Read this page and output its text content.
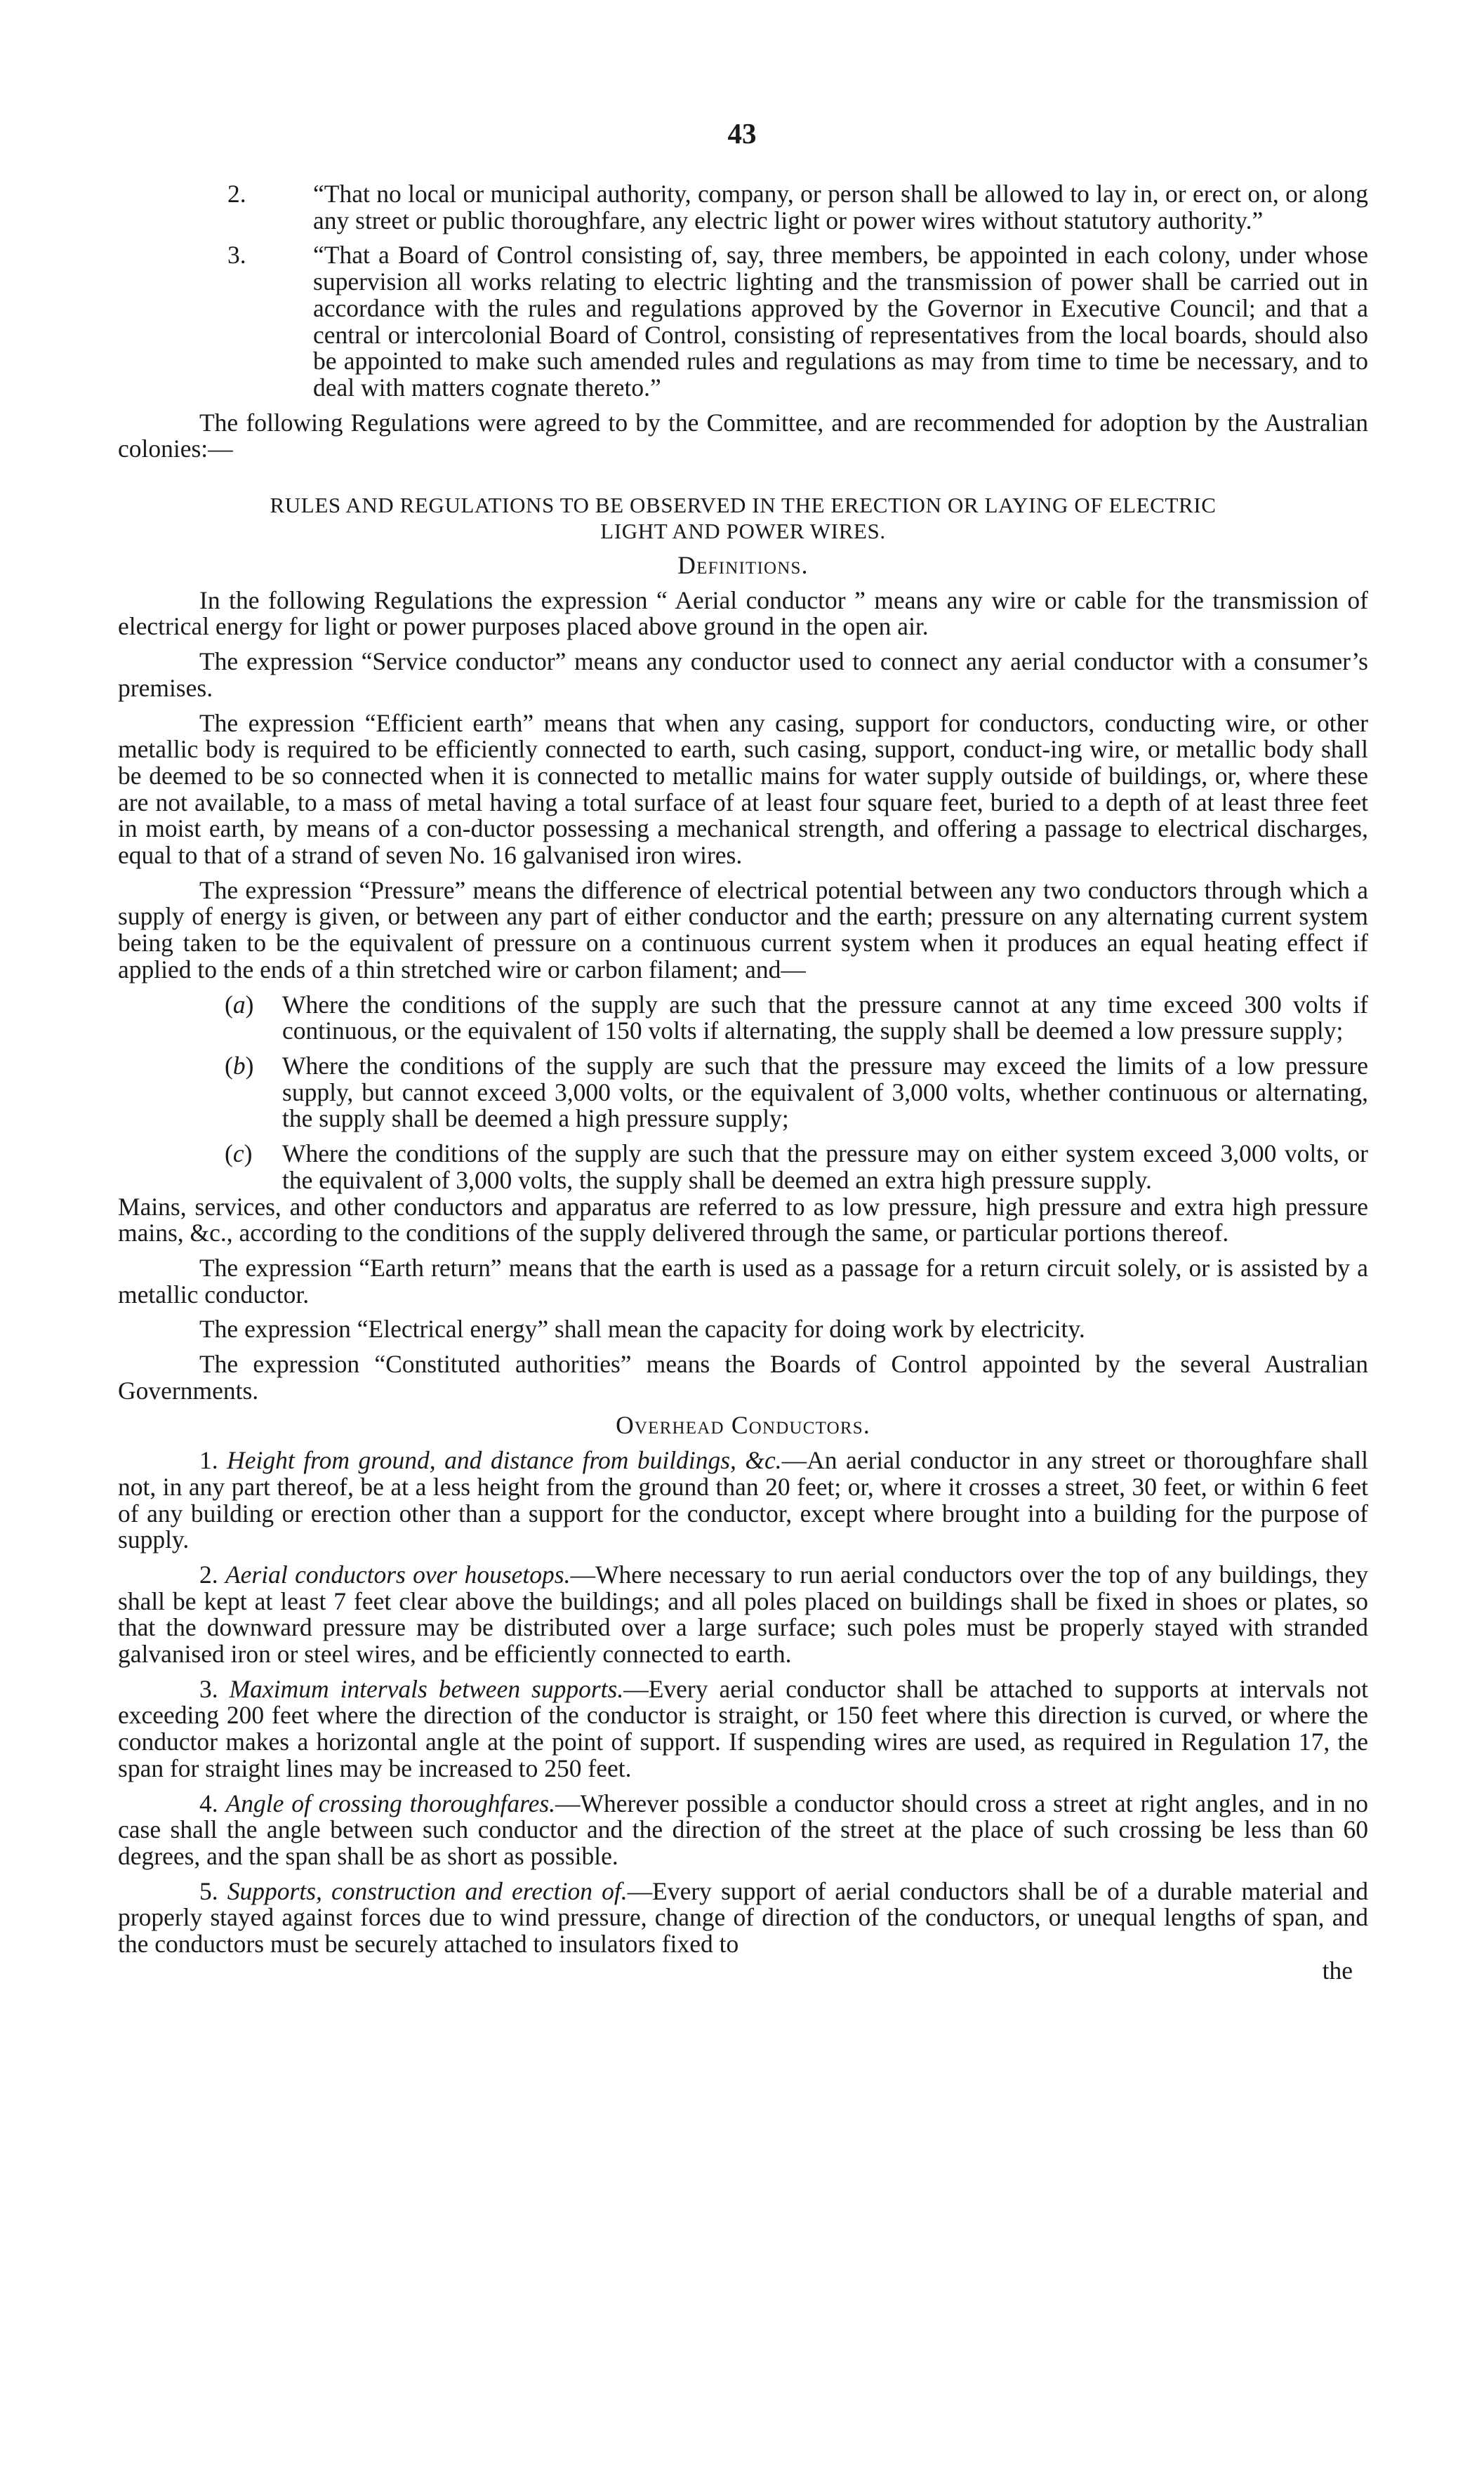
43
2.	“That no local or municipal authority, company, or person shall be allowed to lay in, or erect on, or along any street or public thoroughfare, any electric light or power wires without statutory authority.”

3.	“That a Board of Control consisting of, say, three members, be appointed in each colony, under whose supervision all works relating to electric lighting and the transmission of power shall be carried out in accordance with the rules and regulations approved by the Governor in Executive Council; and that a central or intercolonial Board of Control, consisting of representatives from the local boards, should also be appointed to make such amended rules and regulations as may from time to time be necessary, and to deal with matters cognate thereto.”

The following Regulations were agreed to by the Committee, and are recommended for adoption by the Australian colonies:—

RULES AND REGULATIONS TO BE OBSERVED IN THE ERECTION OR LAYING OF ELECTRIC
LIGHT AND POWER WIRES.
Definitions.

In the following Regulations the expression “ Aerial conductor ” means any wire or cable for the transmission of electrical energy for light or power purposes placed above ground in the open air.

The expression “Service conductor” means any conductor used to connect any aerial conductor with a consumer’s premises.

The expression “Efficient earth” means that when any casing, support for conductors, conducting wire, or other metallic body is required to be efficiently connected to earth, such casing, support, conduct-ing wire, or metallic body shall be deemed to be so connected when it is connected to metallic mains for water supply outside of buildings, or, where these are not available, to a mass of metal having a total surface of at least four square feet, buried to a depth of at least three feet in moist earth, by means of a con-ductor possessing a mechanical strength, and offering a passage to electrical discharges, equal to that of a strand of seven No. 16 galvanised iron wires.

The expression “Pressure” means the difference of electrical potential between any two conductors through which a supply of energy is given, or between any part of either conductor and the earth; pressure on any alternating current system being taken to be the equivalent of pressure on a continuous current system when it produces an equal heating effect if applied to the ends of a thin stretched wire or carbon filament; and—

(a) Where the conditions of the supply are such that the pressure cannot at any time exceed 300 volts if continuous, or the equivalent of 150 volts if alternating, the supply shall be deemed a low pressure supply;

(b) Where the conditions of the supply are such that the pressure may exceed the limits of a low pressure supply, but cannot exceed 3,000 volts, or the equivalent of 3,000 volts, whether continuous or alternating, the supply shall be deemed a high pressure supply;

(c) Where the conditions of the supply are such that the pressure may on either system exceed 3,000 volts, or the equivalent of 3,000 volts, the supply shall be deemed an extra high pressure supply.

Mains, services, and other conductors and apparatus are referred to as low pressure, high pressure and extra high pressure mains, &c., according to the conditions of the supply delivered through the same, or particular portions thereof.

The expression “Earth return” means that the earth is used as a passage for a return circuit solely, or is assisted by a metallic conductor.

The expression “Electrical energy” shall mean the capacity for doing work by electricity.

The expression “Constituted authorities” means the Boards of Control appointed by the several Australian Governments.

Overhead Conductors.

1. Height from ground, and distance from buildings, &c.—An aerial conductor in any street or thoroughfare shall not, in any part thereof, be at a less height from the ground than 20 feet; or, where it crosses a street, 30 feet, or within 6 feet of any building or erection other than a support for the conductor, except where brought into a building for the purpose of supply.

2. Aerial conductors over housetops.—Where necessary to run aerial conductors over the top of any buildings, they shall be kept at least 7 feet clear above the buildings; and all poles placed on buildings shall be fixed in shoes or plates, so that the downward pressure may be distributed over a large surface; such poles must be properly stayed with stranded galvanised iron or steel wires, and be efficiently connected to earth.

3. Maximum intervals between supports.—Every aerial conductor shall be attached to supports at intervals not exceeding 200 feet where the direction of the conductor is straight, or 150 feet where this direction is curved, or where the conductor makes a horizontal angle at the point of support. If suspending wires are used, as required in Regulation 17, the span for straight lines may be increased to 250 feet.

4. Angle of crossing thoroughfares.—Wherever possible a conductor should cross a street at right angles, and in no case shall the angle between such conductor and the direction of the street at the place of such crossing be less than 60 degrees, and the span shall be as short as possible.

5. Supports, construction and erection of.—Every support of aerial conductors shall be of a durable material and properly stayed against forces due to wind pressure, change of direction of the conductors, or unequal lengths of span, and the conductors must be securely attached to insulators fixed to

the
